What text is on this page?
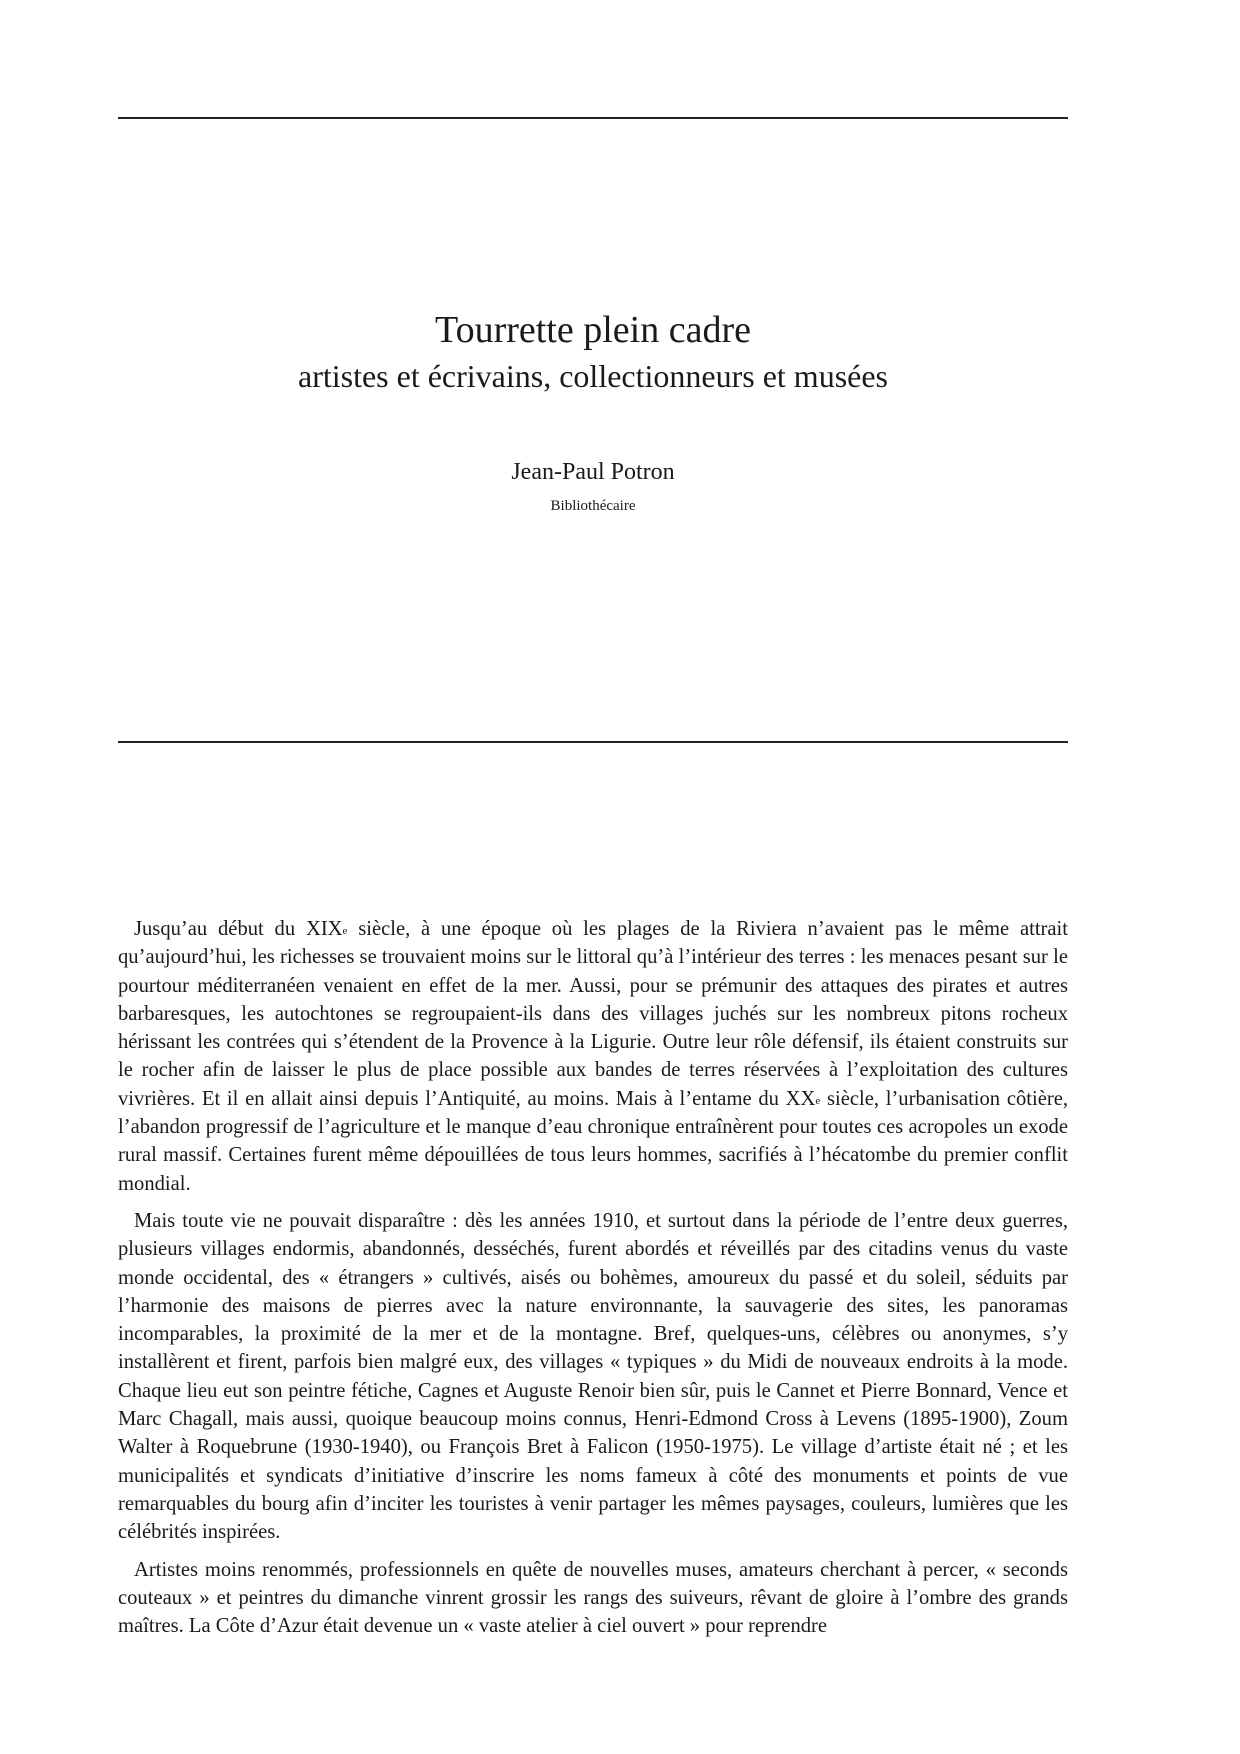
Tourrette plein cadre
artistes et écrivains, collectionneurs et musées
Jean-Paul Potron
Bibliothécaire

Jusqu’au début du XIXe siècle, à une époque où les plages de la Riviera n’avaient pas le même attrait qu’aujourd’hui, les richesses se trouvaient moins sur le littoral qu’à l’intérieur des terres : les menaces pesant sur le pourtour méditerranéen venaient en effet de la mer. Aussi, pour se prémunir des attaques des pirates et autres barbaresques, les autochtones se regroupaient-ils dans des villages juchés sur les nombreux pitons rocheux hérissant les contrées qui s’étendent de la Provence à la Ligurie. Outre leur rôle défensif, ils étaient construits sur le rocher afin de laisser le plus de place possible aux bandes de terres réservées à l’exploitation des cultures vivrières. Et il en allait ainsi depuis l’Antiquité, au moins. Mais à l’entame du XXe siècle, l’urbanisation côtière, l’abandon progressif de l’agriculture et le manque d’eau chronique entraînèrent pour toutes ces acropoles un exode rural massif. Certaines furent même dépouillées de tous leurs hommes, sacrifiés à l’hécatombe du premier conflit mondial.

Mais toute vie ne pouvait disparaître : dès les années 1910, et surtout dans la période de l’entre deux guerres, plusieurs villages endormis, abandonnés, desséchés, furent abordés et réveillés par des citadins venus du vaste monde occidental, des « étrangers » cultivés, aisés ou bohèmes, amoureux du passé et du soleil, séduits par l’harmonie des maisons de pierres avec la nature environnante, la sauvagerie des sites, les panoramas incomparables, la proximité de la mer et de la montagne. Bref, quelques-uns, célèbres ou anonymes, s’y installèrent et firent, parfois bien malgré eux, des villages « typiques » du Midi de nouveaux endroits à la mode. Chaque lieu eut son peintre fétiche, Cagnes et Auguste Renoir bien sûr, puis le Cannet et Pierre Bonnard, Vence et Marc Chagall, mais aussi, quoique beaucoup moins connus, Henri-Edmond Cross à Levens (1895-1900), Zoum Walter à Roquebrune (1930-1940), ou François Bret à Falicon (1950-1975). Le village d’artiste était né ; et les municipalités et syndicats d’initiative d’inscrire les noms fameux à côté des monuments et points de vue remarquables du bourg afin d’inciter les touristes à venir partager les mêmes paysages, couleurs, lumières que les célébrités inspirées.

Artistes moins renommés, professionnels en quête de nouvelles muses, amateurs cherchant à percer, « seconds couteaux » et peintres du dimanche vinrent grossir les rangs des suiveurs, rêvant de gloire à l’ombre des grands maîtres. La Côte d’Azur était devenue un « vaste atelier à ciel ouvert » pour reprendre
